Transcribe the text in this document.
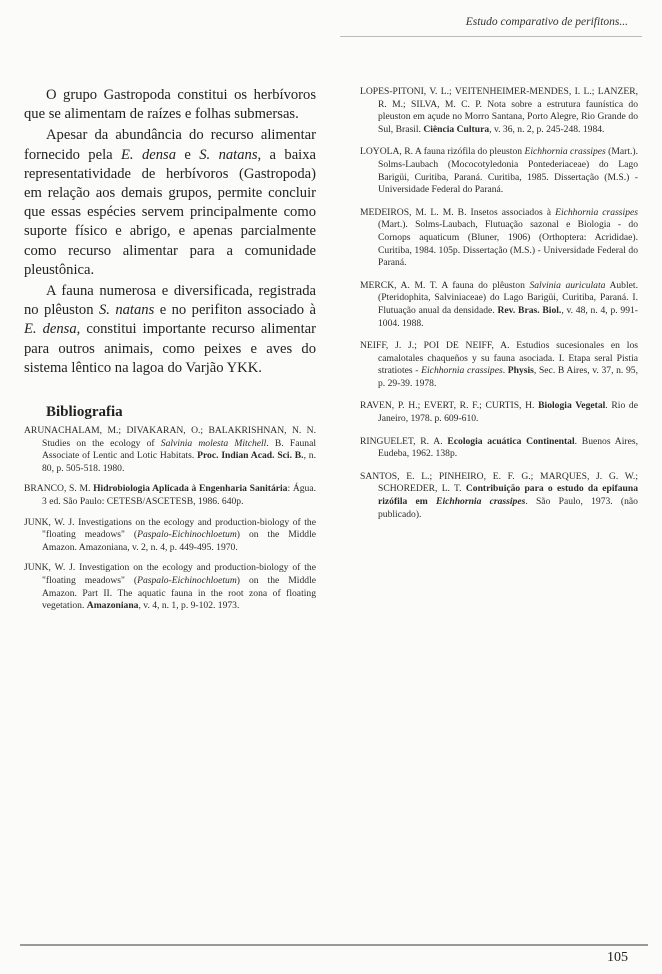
Estudo comparativo de perifitons...

O grupo Gastropoda constitui os herbívoros que se alimentam de raízes e folhas submersas.

Apesar da abundância do recurso alimentar fornecido pela E. densa e S. natans, a baixa representatividade de herbívoros (Gastropoda) em relação aos demais grupos, permite concluir que essas espécies servem principalmente como suporte físico e abrigo, e apenas parcialmente como recurso alimentar para a comunidade pleustônica.

A fauna numerosa e diversificada, registrada no plêuston S. natans e no perifiton associado à E. densa, constitui importante recurso alimentar para outros animais, como peixes e aves do sistema lêntico na lagoa do Varjão YKK.

Bibliografia

ARUNACHALAM, M.; DIVAKARAN, O.; BALAKRISHNAN, N. N. Studies on the ecology of Salvinia molesta Mitchell. B. Faunal Associate of Lentic and Lotic Habitats. Proc. Indian Acad. Sci. B., n. 80, p. 505-518. 1980.

BRANCO, S. M. Hidrobiologia Aplicada à Engenharia Sanitária: Água. 3 ed. São Paulo: CETESB/ASCETESB, 1986. 640p.

JUNK, W. J. Investigations on the ecology and production-biology of the "floating meadows" (Paspalo-Eichinochloetum) on the Middle Amazon. Amazoniana, v. 2, n. 4, p. 449-495. 1970.

JUNK, W. J. Investigation on the ecology and production-biology of the "floating meadows" (Paspalo-Eichinochloetum) on the Middle Amazon. Part II. The aquatic fauna in the root zona of floating vegetation. Amazoniana, v. 4, n. 1, p. 9-102. 1973.

LOPES-PITONI, V. L.; VEITENHEIMER-MENDES, I. L.; LANZER, R. M.; SILVA, M. C. P. Nota sobre a estrutura faunística do pleuston em açude no Morro Santana, Porto Alegre, Rio Grande do Sul, Brasil. Ciência Cultura, v. 36, n. 2, p. 245-248. 1984.

LOYOLA, R. A fauna rizófila do pleuston Eichhornia crassipes (Mart.). Solms-Laubach (Mococotyledonia Pontederiaceae) do Lago Barigüi, Curitiba, Paraná. Curitiba, 1985. Dissertação (M.S.) - Universidade Federal do Paraná.

MEDEIROS, M. L. M. B. Insetos associados à Eichhornia crassipes (Mart.). Solms-Laubach, Flutuação sazonal e Biologia - do Cornops aquaticum (Bluner, 1906) (Orthoptera: Acrididae). Curitiba, 1984. 105p. Dissertação (M.S.) - Universidade Federal do Paraná.

MERCK, A. M. T. A fauna do plêuston Salvinia auriculata Aublet. (Pteridophita, Salviniaceae) do Lago Barigüi, Curitiba, Paraná. I. Flutuação anual da densidade. Rev. Bras. Biol., v. 48, n. 4, p. 991-1004. 1988.

NEIFF, J. J.; POI DE NEIFF, A. Estudios sucesionales en los camalotales chaqueños y su fauna asociada. I. Etapa seral Pistia stratiotes - Eichhornia crassipes. Physis, Sec. B Aires, v. 37, n. 95, p. 29-39. 1978.

RAVEN, P. H.; EVERT, R. F.; CURTIS, H. Biologia Vegetal. Rio de Janeiro, 1978. p. 609-610.

RINGUELET, R. A. Ecologia acuática Continental. Buenos Aires, Eudeba, 1962. 138p.

SANTOS, E. L.; PINHEIRO, E. F. G.; MARQUES, J. G. W.; SCHOREDER, L. T. Contribuição para o estudo da epifauna rizófila em Eichhornia crassipes. São Paulo, 1973. (não publicado).

105
